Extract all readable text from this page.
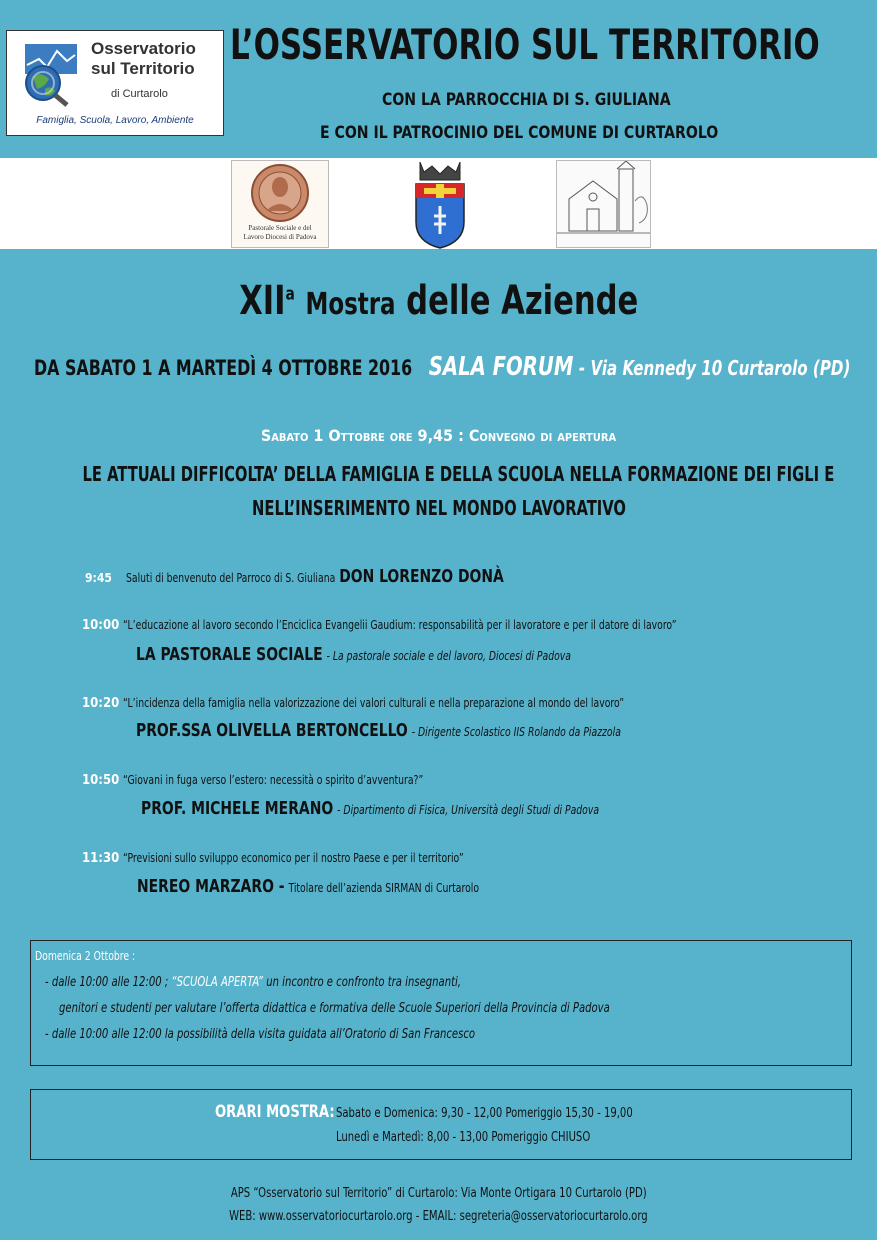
Osservatorio
sul Territorio
di Curtarolo
Famiglia, Scuola, Lavoro, Ambiente
L’OSSERVATORIO SUL TERRITORIO
CON LA PARROCCHIA DI S. GIULIANA
E CON IL PATROCINIO DEL COMUNE DI CURTAROLO
Pastorale Sociale e del
Lavoro Diocesi di Padova
XII$^a$ Mostra delle Aziende
DA SABATO 1 A MARTEDÌ 4 OTTOBRE 2016 SALA FORUM - Via Kennedy 10 Curtarolo (PD)
Sabato 1 Ottobre ore 9,45 : Convegno di apertura
LE ATTUALI DIFFICOLTA’ DELLA FAMIGLIA E DELLA SCUOLA NELLA FORMAZIONE DEI FIGLI E
NELL’INSERIMENTO NEL MONDO LAVORATIVO
9:45 Saluti di benvenuto del Parroco di S. Giuliana DON LORENZO DONÀ
10:00 “L’educazione al lavoro secondo l’Enciclica Evangelii Gaudium: responsabilità per il lavoratore e per il datore di lavoro”
LA PASTORALE SOCIALE - La pastorale sociale e del lavoro, Diocesi di Padova
10:20 “L’incidenza della famiglia nella valorizzazione dei valori culturali e nella preparazione al mondo del lavoro”
PROF.SSA OLIVELLA BERTONCELLO - Dirigente Scolastico IIS Rolando da Piazzola
10:50 “Giovani in fuga verso l’estero: necessità o spirito d’avventura?”
PROF. MICHELE MERANO - Dipartimento di Fisica, Università degli Studi di Padova
11:30 “Previsioni sullo sviluppo economico per il nostro Paese e per il territorio”
NEREO MARZARO - Titolare dell’azienda SIRMAN di Curtarolo
Domenica 2 Ottobre :
- dalle 10:00 alle 12:00 ; “SCUOLA APERTA” un incontro e confronto tra insegnanti,
genitori e studenti per valutare l’offerta didattica e formativa delle Scuole Superiori della Provincia di Padova
- dalle 10:00 alle 12:00 la possibilità della visita guidata all’Oratorio di San Francesco
ORARI MOSTRA: Sabato e Domenica: 9,30 - 12,00 Pomeriggio 15,30 - 19,00
Lunedì e Martedì: 8,00 - 13,00 Pomeriggio CHIUSO
APS “Osservatorio sul Territorio” di Curtarolo: Via Monte Ortigara 10 Curtarolo (PD)
WEB: www.osservatoriocurtarolo.org - EMAIL: segreteria@osservatoriocurtarolo.org
